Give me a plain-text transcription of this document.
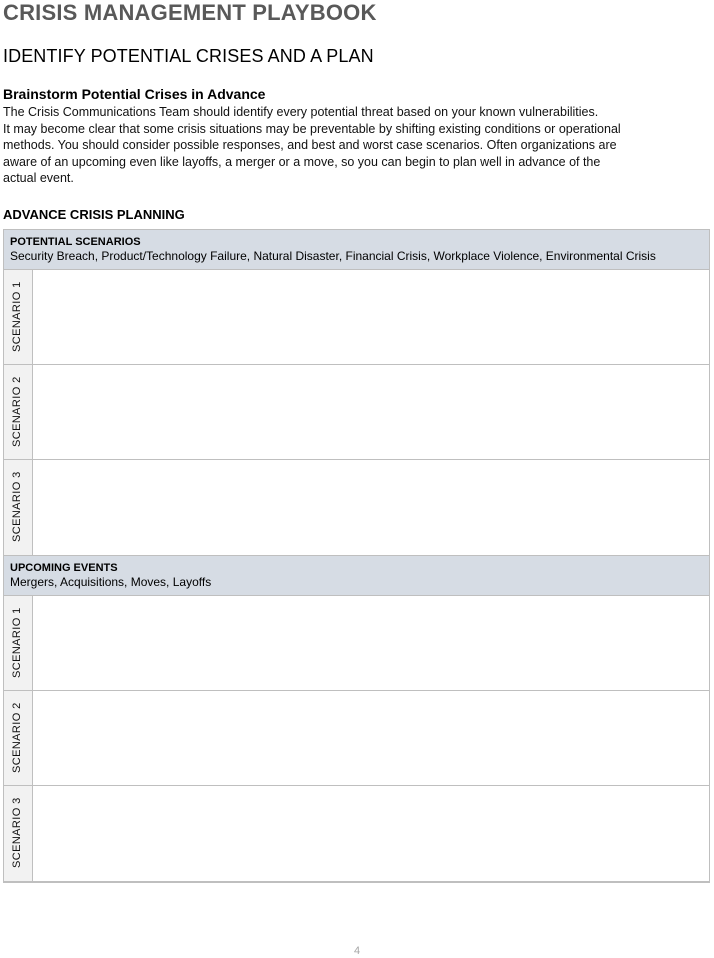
CRISIS MANAGEMENT PLAYBOOK
IDENTIFY POTENTIAL CRISES AND A PLAN
Brainstorm Potential Crises in Advance

The Crisis Communications Team should identify every potential threat based on your known vulnerabilities.

It may become clear that some crisis situations may be preventable by shifting existing conditions or operational

methods. You should consider possible responses, and best and worst case scenarios. Often organizations are

aware of an upcoming even like layoffs, a merger or a move, so you can begin to plan well in advance of the

actual event.

ADVANCE CRISIS PLANNING
POTENTIAL SCENARIOS
Security Breach, Product/Technology Failure, Natural Disaster, Financial Crisis, Workplace Violence, Environmental Crisis
SCENARIO 1
SCENARIO 2
SCENARIO 3
UPCOMING EVENTS
Mergers, Acquisitions, Moves, Layoffs
SCENARIO 1
SCENARIO 2
SCENARIO 3
4
